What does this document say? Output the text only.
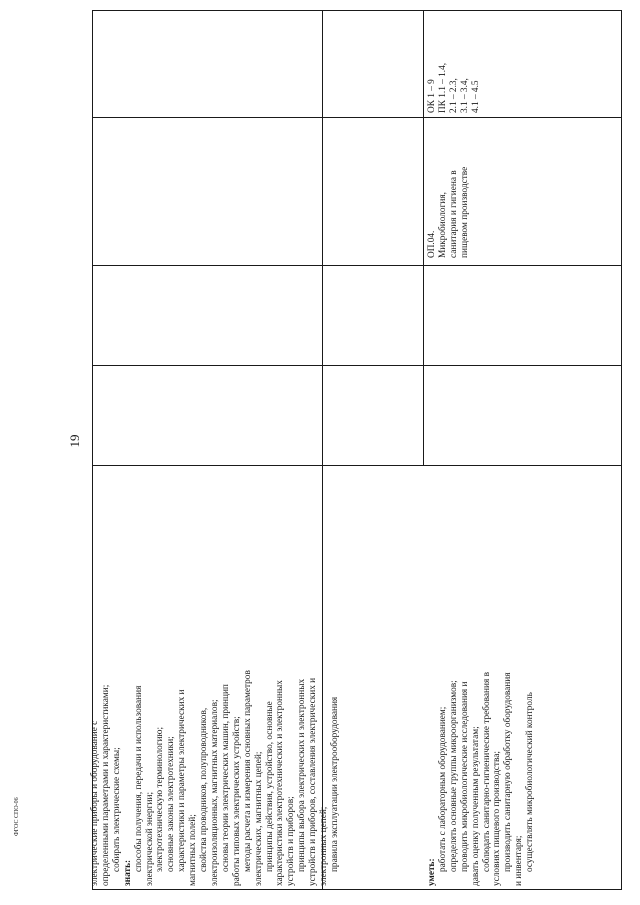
19
ФГОС СПО-06	электрические приборы и оборудование с определенными параметрами и характеристиками; собирать электрические схемы; знать: способы получения, передачи и использования электрической энергии; электротехническую терминологию; основные законы электротехники; характеристики и параметры электрических и магнитных полей; свойства проводников, полупроводников, электроизоляционных, магнитных материалов; основы теории электрических машин, принцип работы типовых электрических устройств; методы расчета и измерения основных параметров электрических, магнитных цепей; принципы действия, устройство, основные характеристики электротехнических и электронных устройств и приборов; принципы выбора электрических и электронных устройств и приборов, составления электрических и электронных цепей; правила эксплуатации электрооборудования	уметь: работать с лабораторным оборудованием; определять основные группы микроорганизмов; проводить микробиологические исследования и давать оценку полученным результатам; соблюдать санитарно-гигиенические требования в условиях пищевого производства; производить санитарную обработку оборудования и инвентаря; осуществлять микробиологический контроль
ОП.04. Микробиология, санитария и гигиена в пищевом производстве
ОК 1 – 9 ПК 1.1 – 1.4, 2.1 – 2.3, 3.1 – 3.4, 4.1 – 4.5
